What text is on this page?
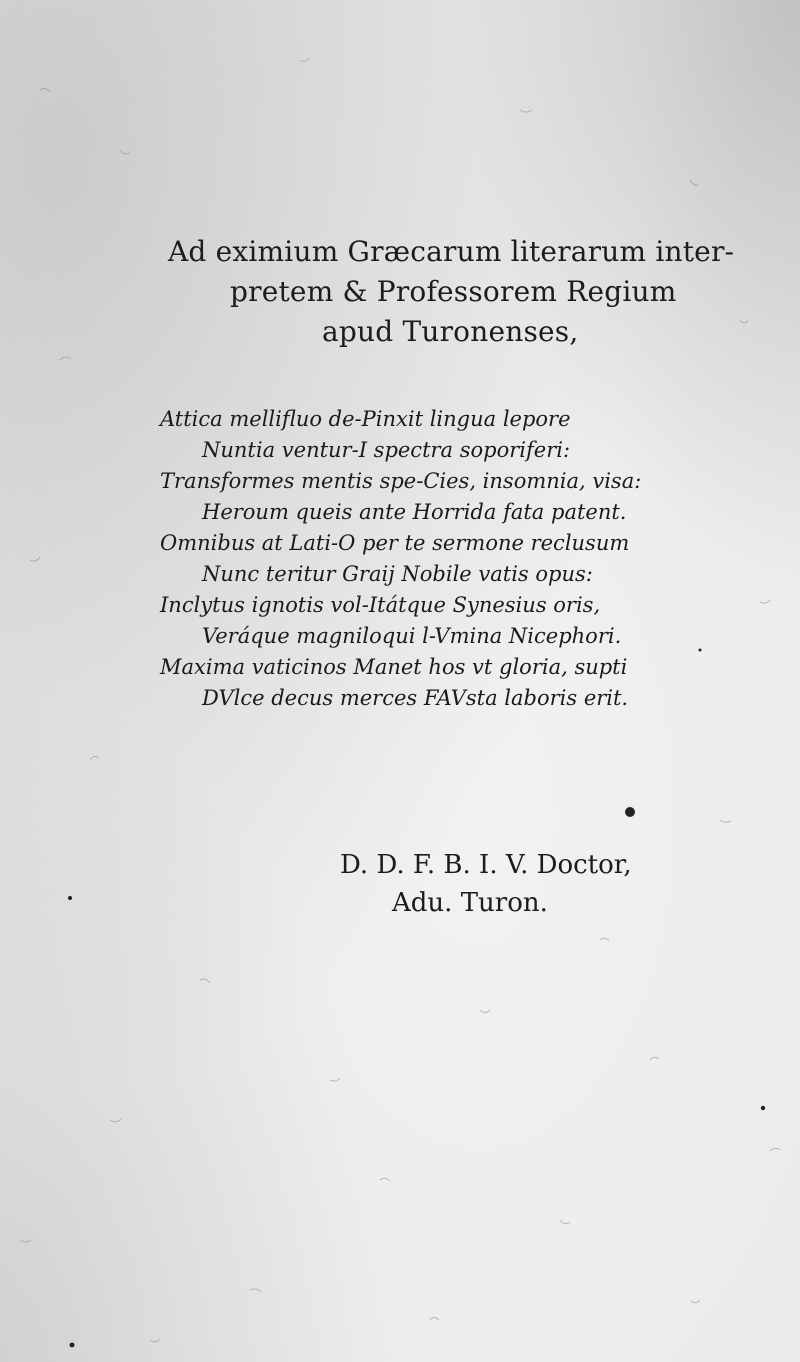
Ad eximium Græcarum literarum inter-
pretem & Professorem Regium
apud Turonenses,
Attica mellifluo de-Pinxit lingua lepore
Nuntia ventur-I spectra soporiferi:
Transformes mentis spe-Cies, insomnia, visa:
Heroum queis ante Horrida fata patent.
Omnibus at Lati-O per te sermone reclusum
Nunc teritur Graij Nobile vatis opus:
Inclytus ignotis vol-Itátque Synesius oris,
Veráque magniloqui l-Vmina Nicephori.
Maxima vaticinos Manet hos vt gloria, supti
DVlce decus merces FAVsta laboris erit.
D. D. F. B. I. V. Doctor,
Adu. Turon.
